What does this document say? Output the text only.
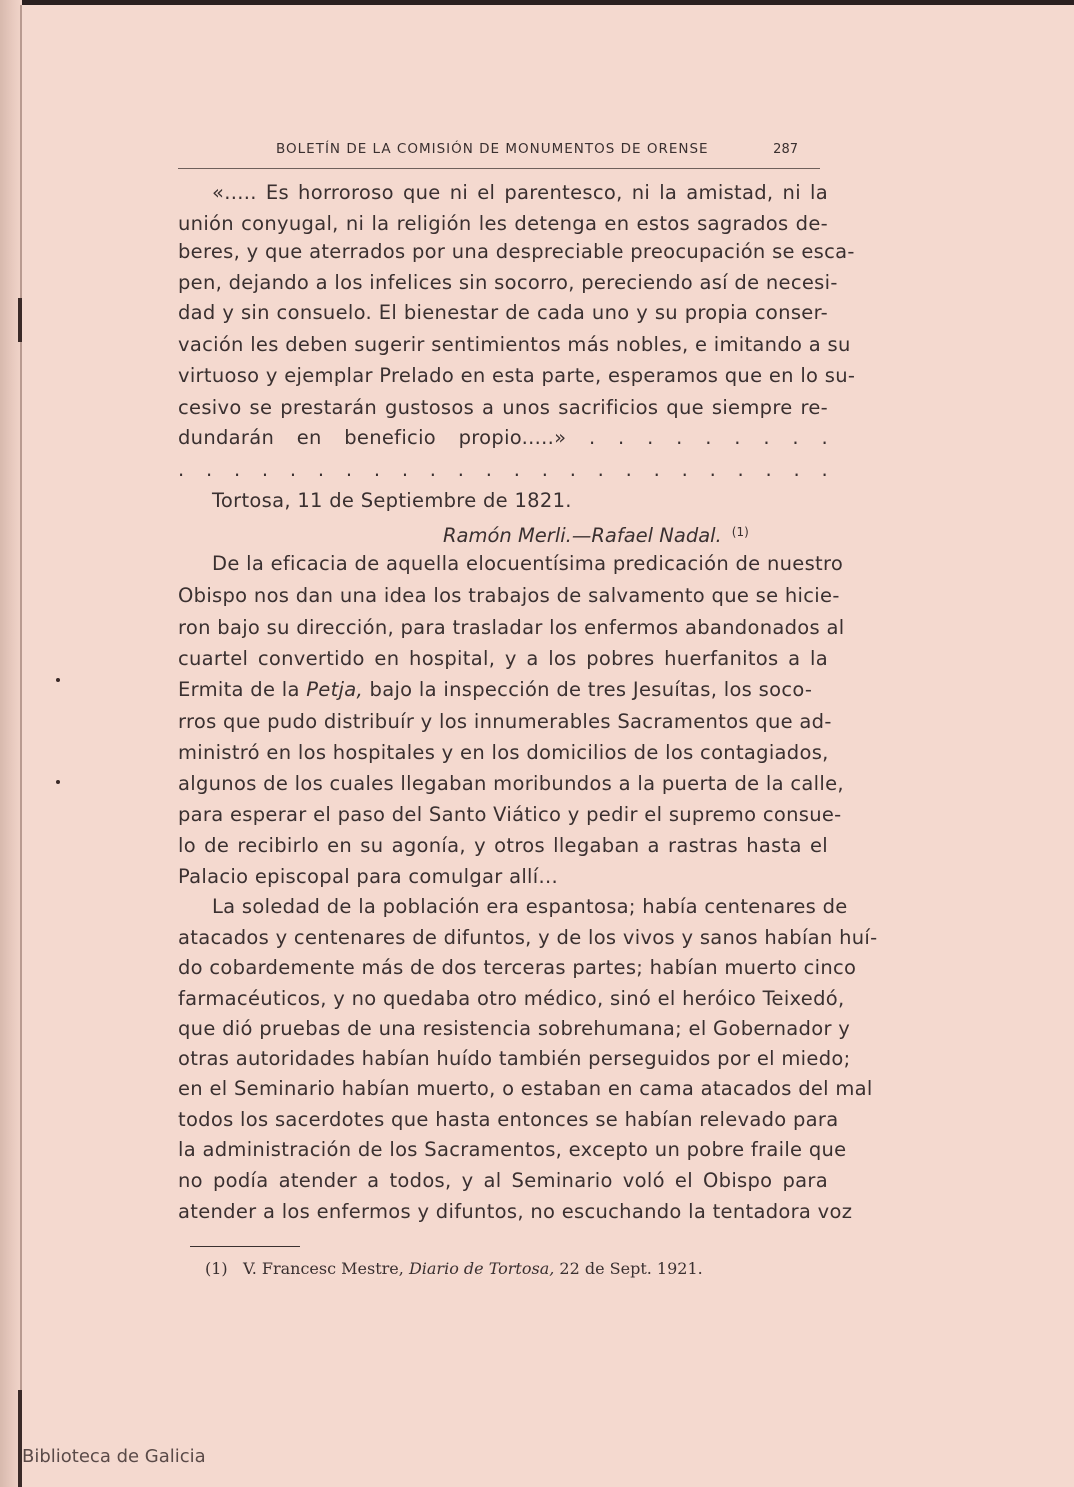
BOLETÍN DE LA COMISIÓN DE MONUMENTOS DE ORENSE	287
«..... Es horroroso que ni el parentesco, ni la amistad, ni la
unión conyugal, ni la religión les detenga en estos sagrados de-
beres, y que aterrados por una despreciable preocupación se esca-
pen, dejando a los infelices sin socorro, pereciendo así de necesi-
dad y sin consuelo. El bienestar de cada uno y su propia conser-
vación les deben sugerir sentimientos más nobles, e imitando a su
virtuoso y ejemplar Prelado en esta parte, esperamos que en lo su-
cesivo se prestarán gustosos a unos sacrificios que siempre re-
dundarán en beneficio propio.....» . . . . . . . . .
. . . . . . . . . . . . . . . . . . . . . . . .
Tortosa, 11 de Septiembre de 1821.
Ramón Merli.—Rafael Nadal. $^{(1)}$
De la eficacia de aquella elocuentísima predicación de nuestro
Obispo nos dan una idea los trabajos de salvamento que se hicie-
ron bajo su dirección, para trasladar los enfermos abandonados al
cuartel convertido en hospital, y a los pobres huerfanitos a la
Ermita de la Petja, bajo la inspección de tres Jesuítas, los soco-
rros que pudo distribuír y los innumerables Sacramentos que ad-
ministró en los hospitales y en los domicilios de los contagiados,
algunos de los cuales llegaban moribundos a la puerta de la calle,
para esperar el paso del Santo Viático y pedir el supremo consue-
lo de recibirlo en su agonía, y otros llegaban a rastras hasta el
Palacio episcopal para comulgar allí...
La soledad de la población era espantosa; había centenares de
atacados y centenares de difuntos, y de los vivos y sanos habían huí-
do cobardemente más de dos terceras partes; habían muerto cinco
farmacéuticos, y no quedaba otro médico, sinó el heróico Teixedó,
que dió pruebas de una resistencia sobrehumana; el Gobernador y
otras autoridades habían huído también perseguidos por el miedo;
en el Seminario habían muerto, o estaban en cama atacados del mal
todos los sacerdotes que hasta entonces se habían relevado para
la administración de los Sacramentos, excepto un pobre fraile que
no podía atender a todos, y al Seminario voló el Obispo para
atender a los enfermos y difuntos, no escuchando la tentadora voz
(1) V. Francesc Mestre, Diario de Tortosa, 22 de Sept. 1921.
Biblioteca de Galicia
